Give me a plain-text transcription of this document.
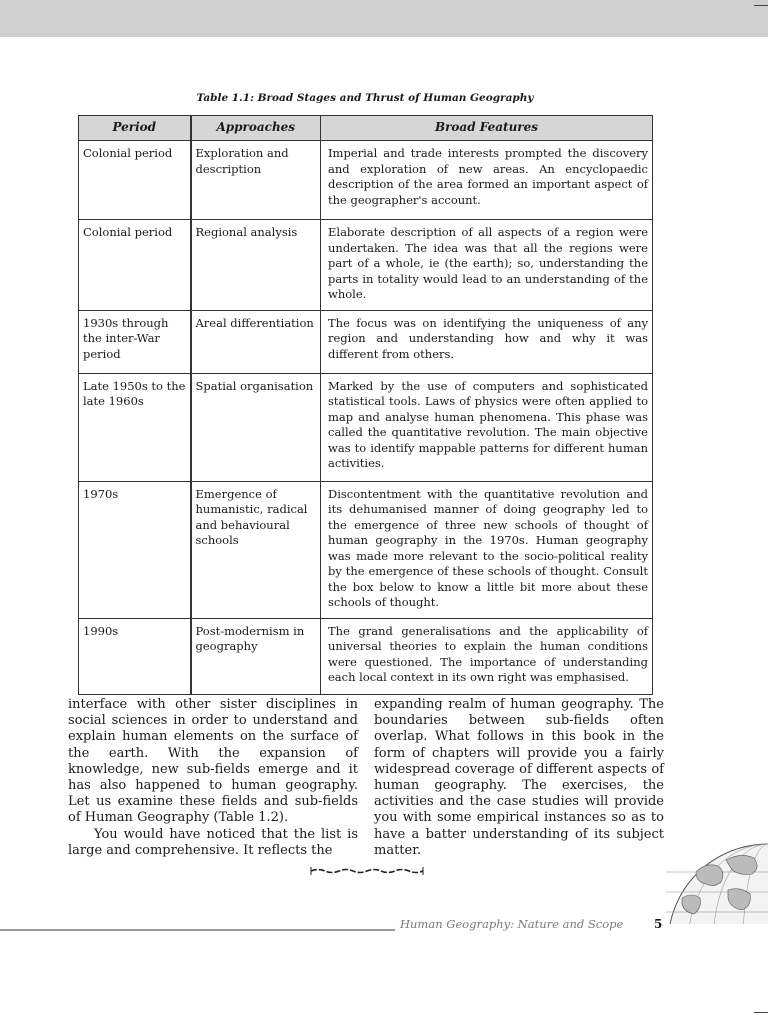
Table 1.1: Broad Stages and Thrust of Human Geography
Period	Approaches	Broad Features

Colonial period	Exploration and description	Imperial and trade interests prompted the discovery and exploration of new areas. An encyclopaedic description of the area formed an important aspect of the geographer's account.

Colonial period	Regional analysis	Elaborate description of all aspects of a region were undertaken. The idea was that all the regions were part of a whole, ie (the earth); so, understanding the parts in totality would lead to an understanding of the whole.

1930s through the inter-War period	Areal differentiation	The focus was on identifying the uniqueness of any region and understanding how and why it was different from others.

Late 1950s to the late 1960s	Spatial organisation	Marked by the use of computers and sophisticated statistical tools. Laws of physics were often applied to map and analyse human phenomena. This phase was called the quantitative revolution. The main objective was to identify mappable patterns for different human activities.

1970s	Emergence of humanistic, radical and behavioural schools	Discontentment with the quantitative revolution and its dehumanised manner of doing geography led to the emergence of three new schools of thought of human geography in the 1970s. Human geography was made more relevant to the socio-political reality by the emergence of these schools of thought. Consult the box below to know a little bit more about these schools of thought.

1990s	Post-modernism in geography	The grand generalisations and the applicability of universal theories to explain the human conditions were questioned. The importance of understanding each local context in its own right was emphasised.

interface with other sister disciplines in social sciences in order to understand and explain human elements on the surface of the earth. With the expansion of knowledge, new sub-fields emerge and it has also happened to human geography. Let us examine these fields and sub-fields of Human Geography (Table 1.2).

You would have noticed that the list is large and comprehensive. It reflects the

expanding realm of human geography. The boundaries between sub-fields often overlap. What follows in this book in the form of chapters will provide you a fairly widespread coverage of different aspects of human geography. The exercises, the activities and the case studies will provide you with some empirical instances so as to have a batter understanding of its subject matter.

Human Geography: Nature and Scope	5
